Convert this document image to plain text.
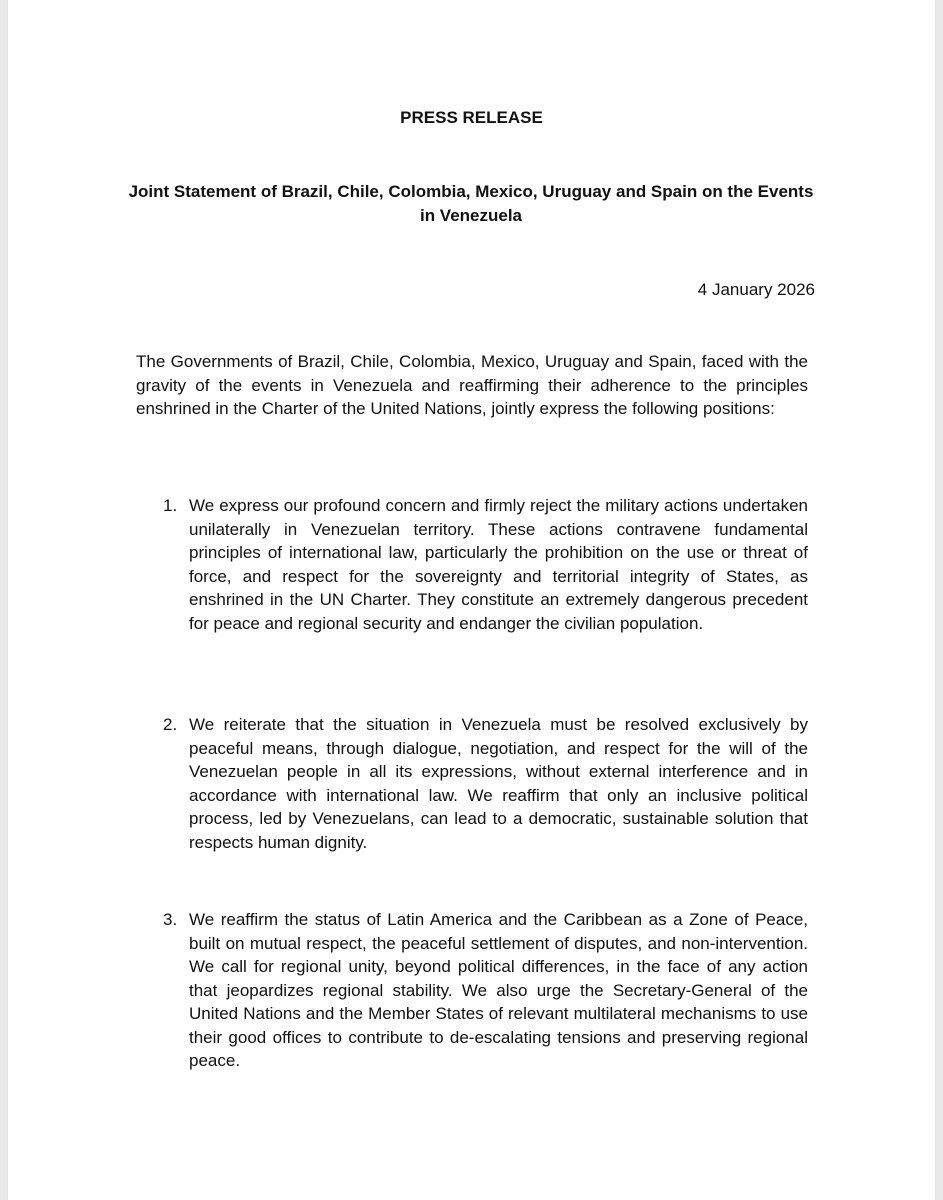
PRESS RELEASE
Joint Statement of Brazil, Chile, Colombia, Mexico, Uruguay and Spain on the Events in Venezuela

4 January 2026

The Governments of Brazil, Chile, Colombia, Mexico, Uruguay and Spain, faced with the gravity of the events in Venezuela and reaffirming their adherence to the principles enshrined in the Charter of the United Nations, jointly express the following positions:

1. We express our profound concern and firmly reject the military actions undertaken unilaterally in Venezuelan territory. These actions contravene fundamental principles of international law, particularly the prohibition on the use or threat of force, and respect for the sovereignty and territorial integrity of States, as enshrined in the UN Charter. They constitute an extremely dangerous precedent for peace and regional security and endanger the civilian population.

2. We reiterate that the situation in Venezuela must be resolved exclusively by peaceful means, through dialogue, negotiation, and respect for the will of the Venezuelan people in all its expressions, without external interference and in accordance with international law. We reaffirm that only an inclusive political process, led by Venezuelans, can lead to a democratic, sustainable solution that respects human dignity.

3. We reaffirm the status of Latin America and the Caribbean as a Zone of Peace, built on mutual respect, the peaceful settlement of disputes, and non-intervention. We call for regional unity, beyond political differences, in the face of any action that jeopardizes regional stability. We also urge the Secretary-General of the United Nations and the Member States of relevant multilateral mechanisms to use their good offices to contribute to de-escalating tensions and preserving regional peace.
